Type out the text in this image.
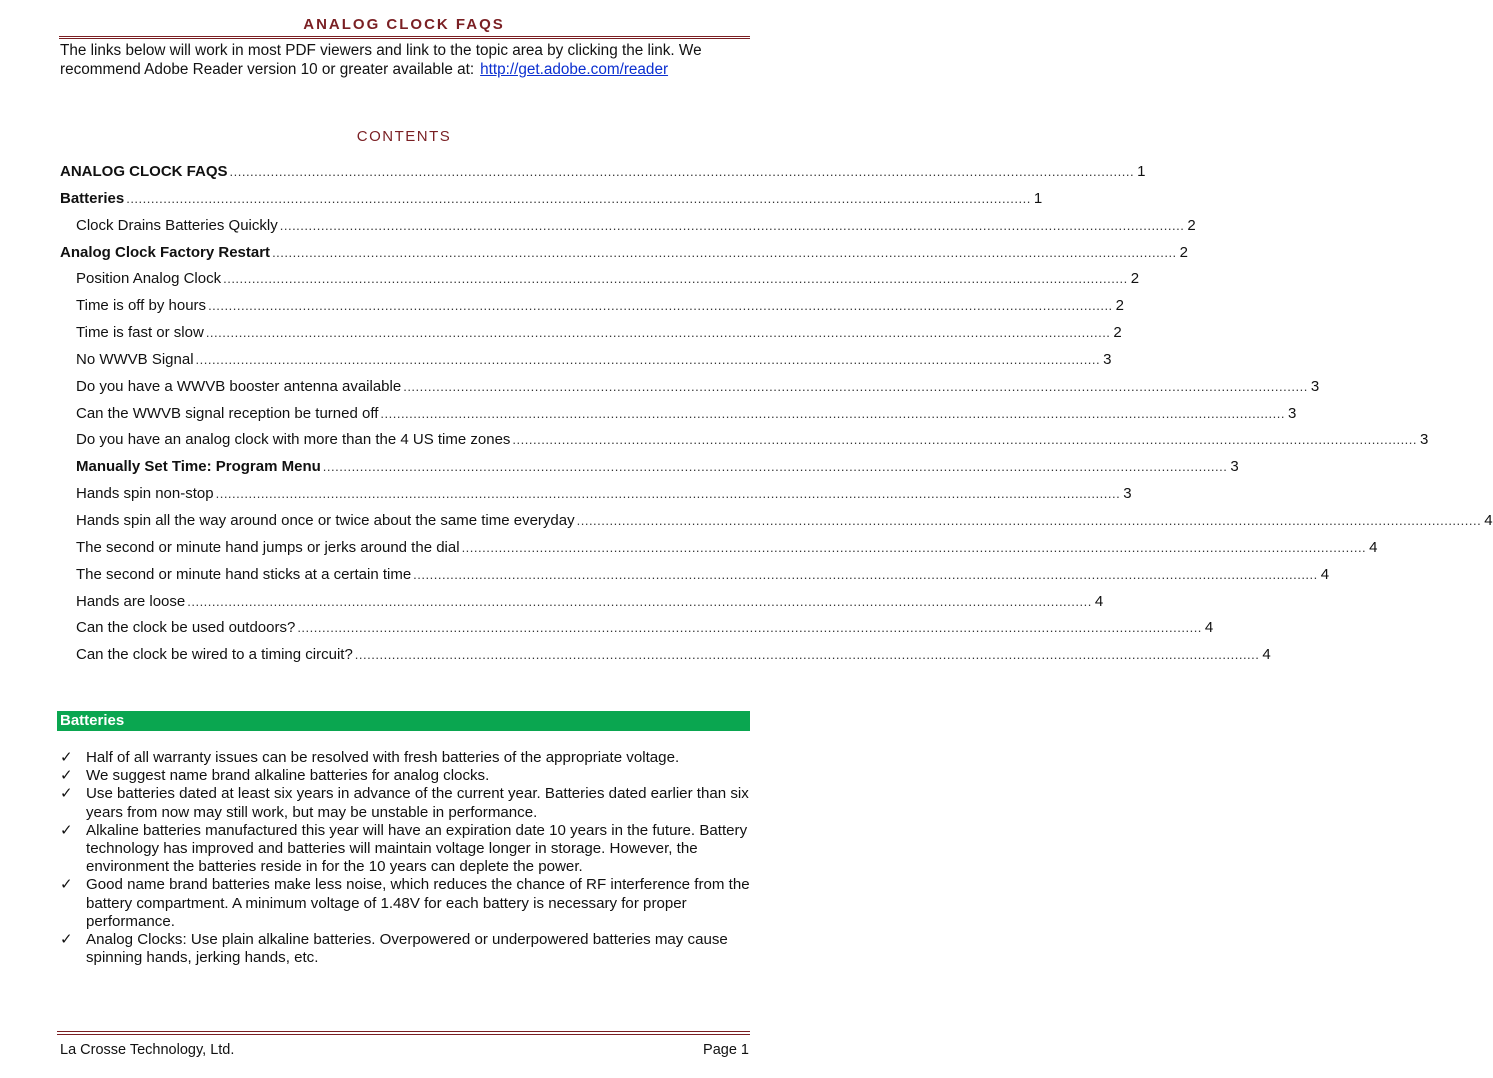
ANALOG CLOCK FAQS
The links below will work in most PDF viewers and link to the topic area by clicking the link. We recommend Adobe Reader version 10 or greater available at: http://get.adobe.com/reader
CONTENTS
ANALOG CLOCK FAQS ............................................................................................................................................................................................................................ 1
Batteries ............................................................................................................................................................................................................................ 1
Clock Drains Batteries Quickly ............................................................................................................................................................................................................................ 2
Analog Clock Factory Restart ............................................................................................................................................................................................................................ 2
Position Analog Clock ............................................................................................................................................................................................................................ 2
Time is off by hours ............................................................................................................................................................................................................................ 2
Time is fast or slow ............................................................................................................................................................................................................................ 2
No WWVB Signal ............................................................................................................................................................................................................................ 3
Do you have a WWVB booster antenna available ............................................................................................................................................................................................................................ 3
Can the WWVB signal reception be turned off ............................................................................................................................................................................................................................ 3
Do you have an analog clock with more than the 4 US time zones ............................................................................................................................................................................................................................ 3
Manually Set Time: Program Menu ............................................................................................................................................................................................................................ 3
Hands spin non-stop ............................................................................................................................................................................................................................ 3
Hands spin all the way around once or twice about the same time everyday ............................................................................................................................................................................................................................ 4
The second or minute hand jumps or jerks around the dial ............................................................................................................................................................................................................................ 4
The second or minute hand sticks at a certain time ............................................................................................................................................................................................................................ 4
Hands are loose ............................................................................................................................................................................................................................ 4
Can the clock be used outdoors? ............................................................................................................................................................................................................................ 4
Can the clock be wired to a timing circuit? ............................................................................................................................................................................................................................ 4
Batteries
✓ Half of all warranty issues can be resolved with fresh batteries of the appropriate voltage.
✓ We suggest name brand alkaline batteries for analog clocks.
✓ Use batteries dated at least six years in advance of the current year. Batteries dated earlier than six years from now may still work, but may be unstable in performance.
✓ Alkaline batteries manufactured this year will have an expiration date 10 years in the future. Battery technology has improved and batteries will maintain voltage longer in storage. However, the environment the batteries reside in for the 10 years can deplete the power.
✓ Good name brand batteries make less noise, which reduces the chance of RF interference from the battery compartment. A minimum voltage of 1.48V for each battery is necessary for proper performance.
✓ Analog Clocks: Use plain alkaline batteries. Overpowered or underpowered batteries may cause spinning hands, jerking hands, etc.
La Crosse Technology, Ltd.	Page 1
